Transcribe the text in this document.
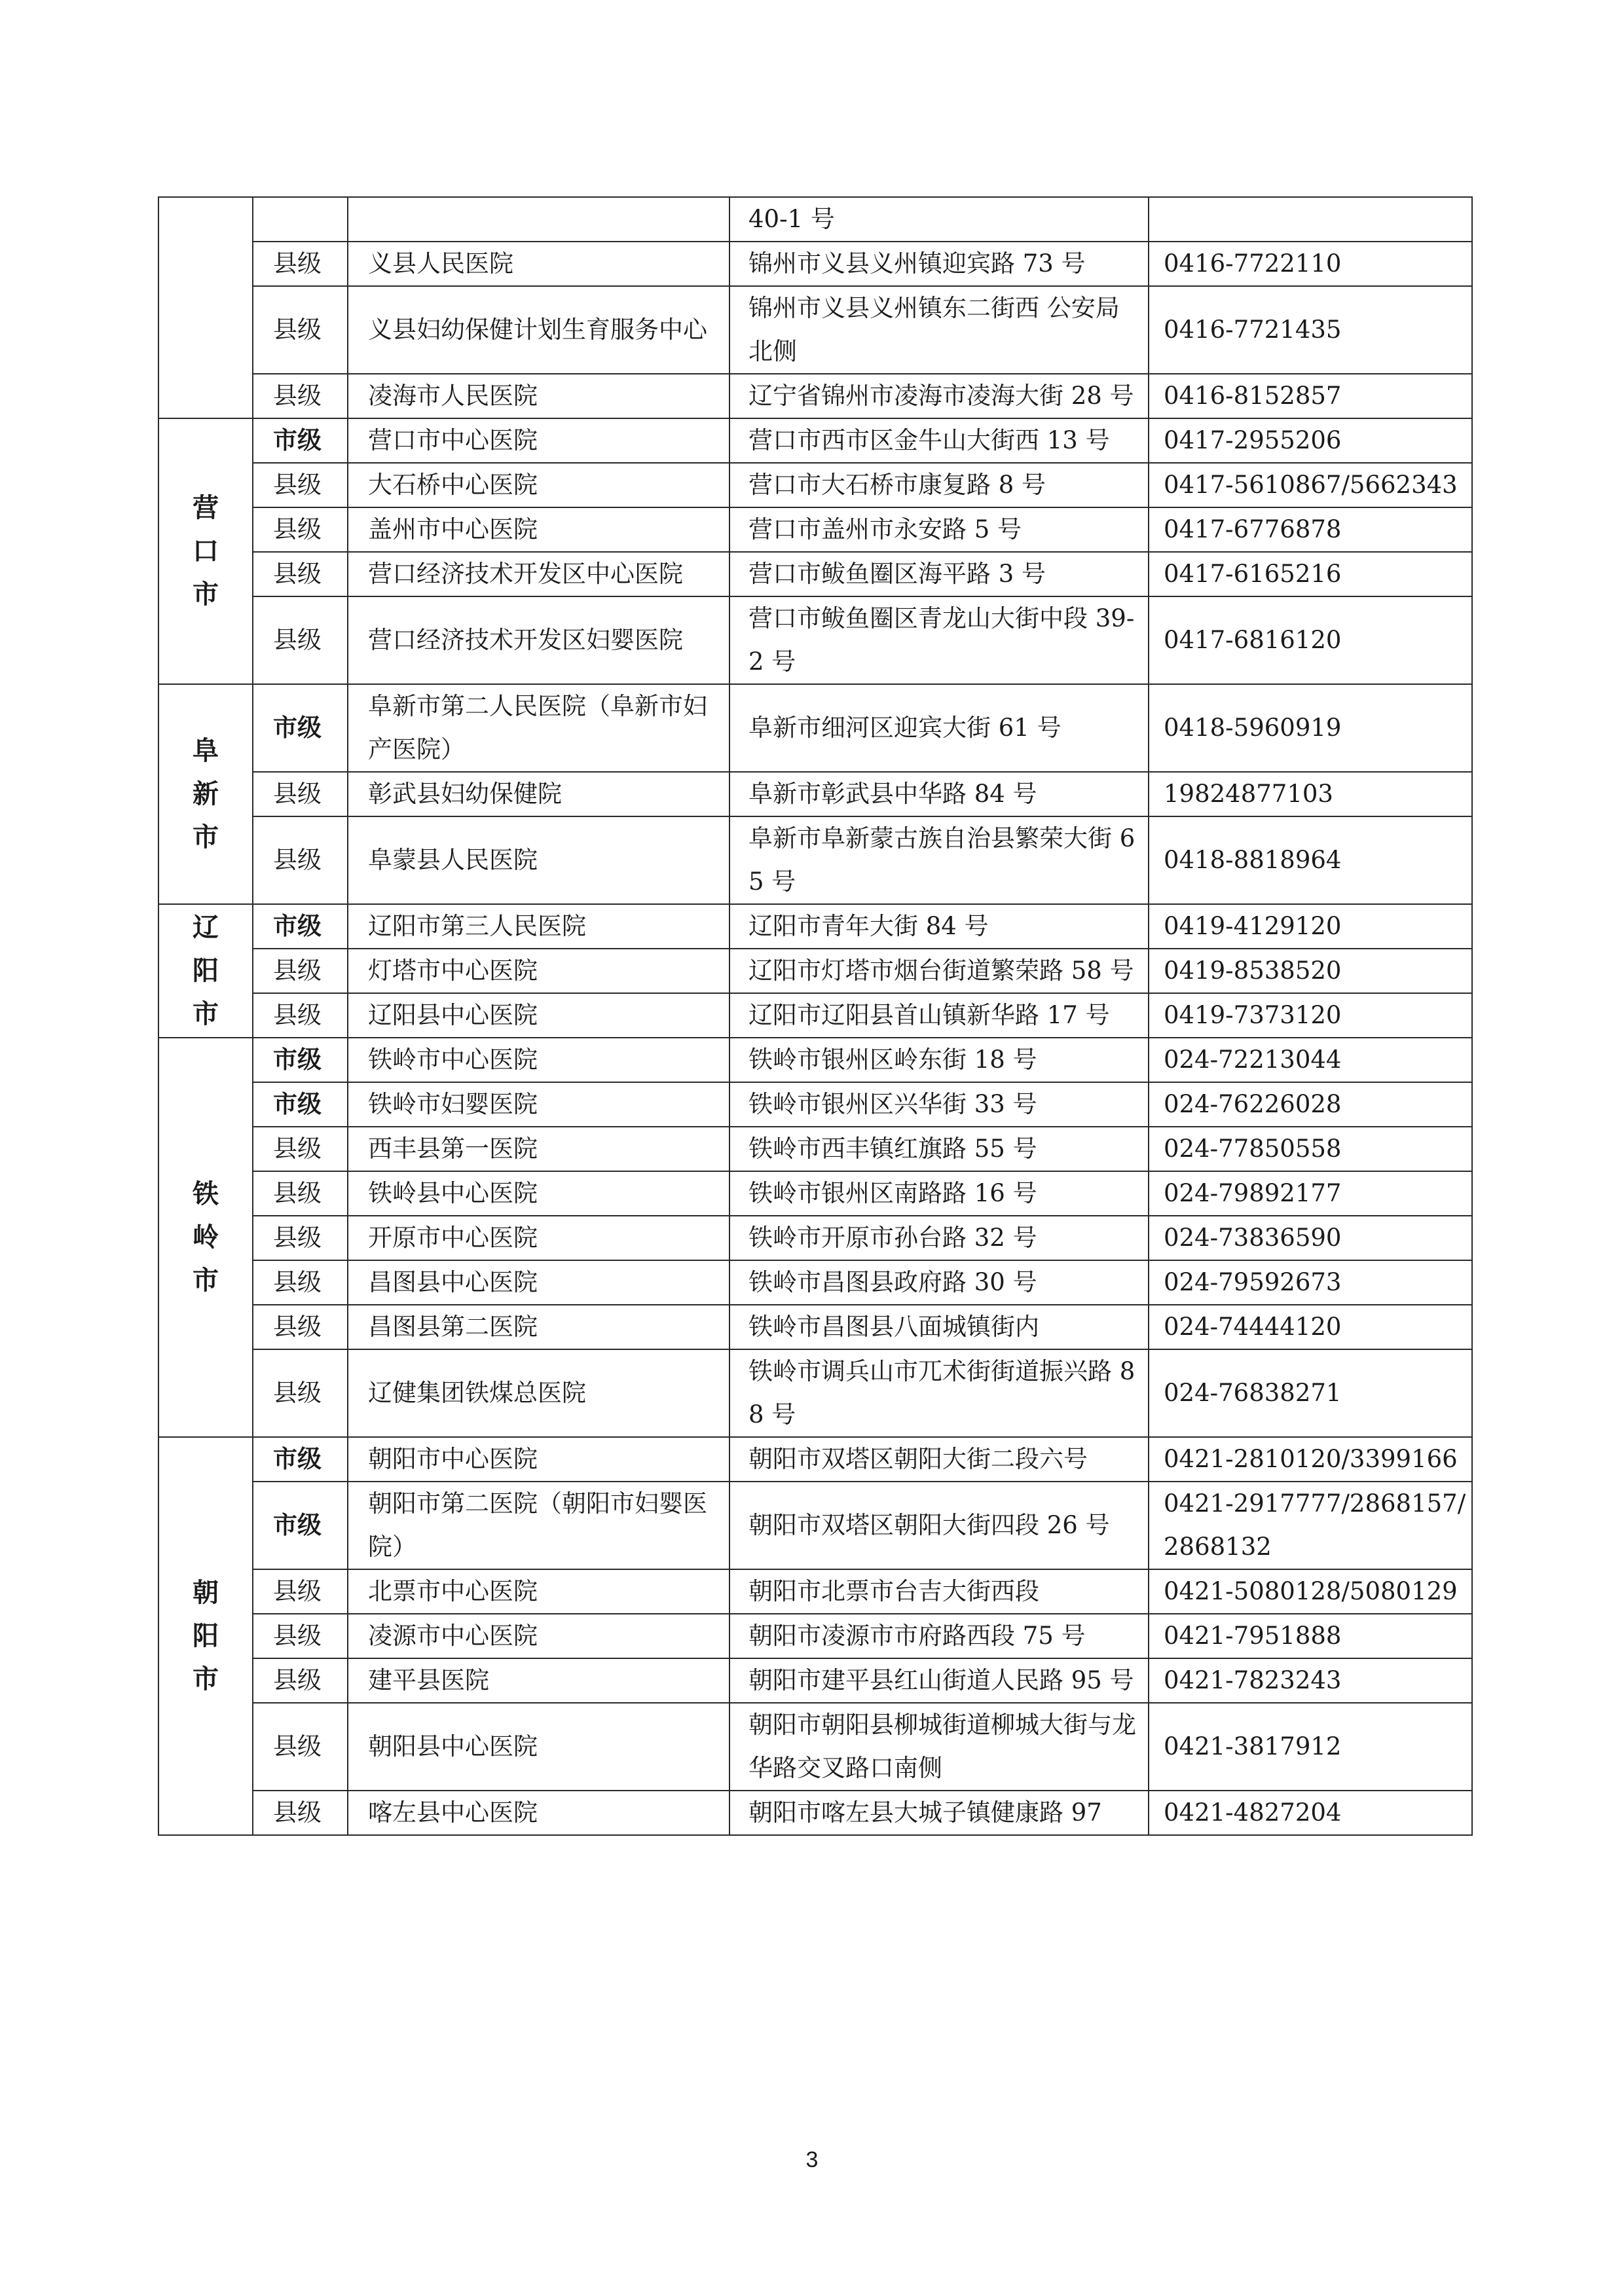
			40-1 号	
	县级	义县人民医院	锦州市义县义州镇迎宾路 73 号	0416-7722110
	县级	义县妇幼保健计划生育服务中心	锦州市义县义州镇东二街西 公安局北侧	0416-7721435
	县级	凌海市人民医院	辽宁省锦州市凌海市凌海大街 28 号	0416-8152857

营口市	市级	营口市中心医院	营口市西市区金牛山大街西 13 号	0417-2955206
	县级	大石桥中心医院	营口市大石桥市康复路 8 号	0417-5610867/5662343
	县级	盖州市中心医院	营口市盖州市永安路 5 号	0417-6776878
	县级	营口经济技术开发区中心医院	营口市鲅鱼圈区海平路 3 号	0417-6165216
	县级	营口经济技术开发区妇婴医院	营口市鲅鱼圈区青龙山大街中段 39-2 号	0417-6816120

阜新市	市级	阜新市第二人民医院（阜新市妇产医院）	阜新市细河区迎宾大街 61 号	0418-5960919
	县级	彰武县妇幼保健院	阜新市彰武县中华路 84 号	19824877103
	县级	阜蒙县人民医院	阜新市阜新蒙古族自治县繁荣大街 65 号	0418-8818964

辽阳市	市级	辽阳市第三人民医院	辽阳市青年大街 84 号	0419-4129120
	县级	灯塔市中心医院	辽阳市灯塔市烟台街道繁荣路 58 号	0419-8538520
	县级	辽阳县中心医院	辽阳市辽阳县首山镇新华路 17 号	0419-7373120

铁岭市	市级	铁岭市中心医院	铁岭市银州区岭东街 18 号	024-72213044
	市级	铁岭市妇婴医院	铁岭市银州区兴华街 33 号	024-76226028
	县级	西丰县第一医院	铁岭市西丰镇红旗路 55 号	024-77850558
	县级	铁岭县中心医院	铁岭市银州区南路路 16 号	024-79892177
	县级	开原市中心医院	铁岭市开原市孙台路 32 号	024-73836590
	县级	昌图县中心医院	铁岭市昌图县政府路 30 号	024-79592673
	县级	昌图县第二医院	铁岭市昌图县八面城镇街内	024-74444120
	县级	辽健集团铁煤总医院	铁岭市调兵山市兀术街街道振兴路 88 号	024-76838271

朝阳市	市级	朝阳市中心医院	朝阳市双塔区朝阳大街二段六号	0421-2810120/3399166
	市级	朝阳市第二医院（朝阳市妇婴医院）	朝阳市双塔区朝阳大街四段 26 号	0421-2917777/2868157/2868132
	县级	北票市中心医院	朝阳市北票市台吉大街西段	0421-5080128/5080129
	县级	凌源市中心医院	朝阳市凌源市市府路西段 75 号	0421-7951888
	县级	建平县医院	朝阳市建平县红山街道人民路 95 号	0421-7823243
	县级	朝阳县中心医院	朝阳市朝阳县柳城街道柳城大街与龙华路交叉路口南侧	0421-3817912
	县级	喀左县中心医院	朝阳市喀左县大城子镇健康路 97	0421-4827204
3
